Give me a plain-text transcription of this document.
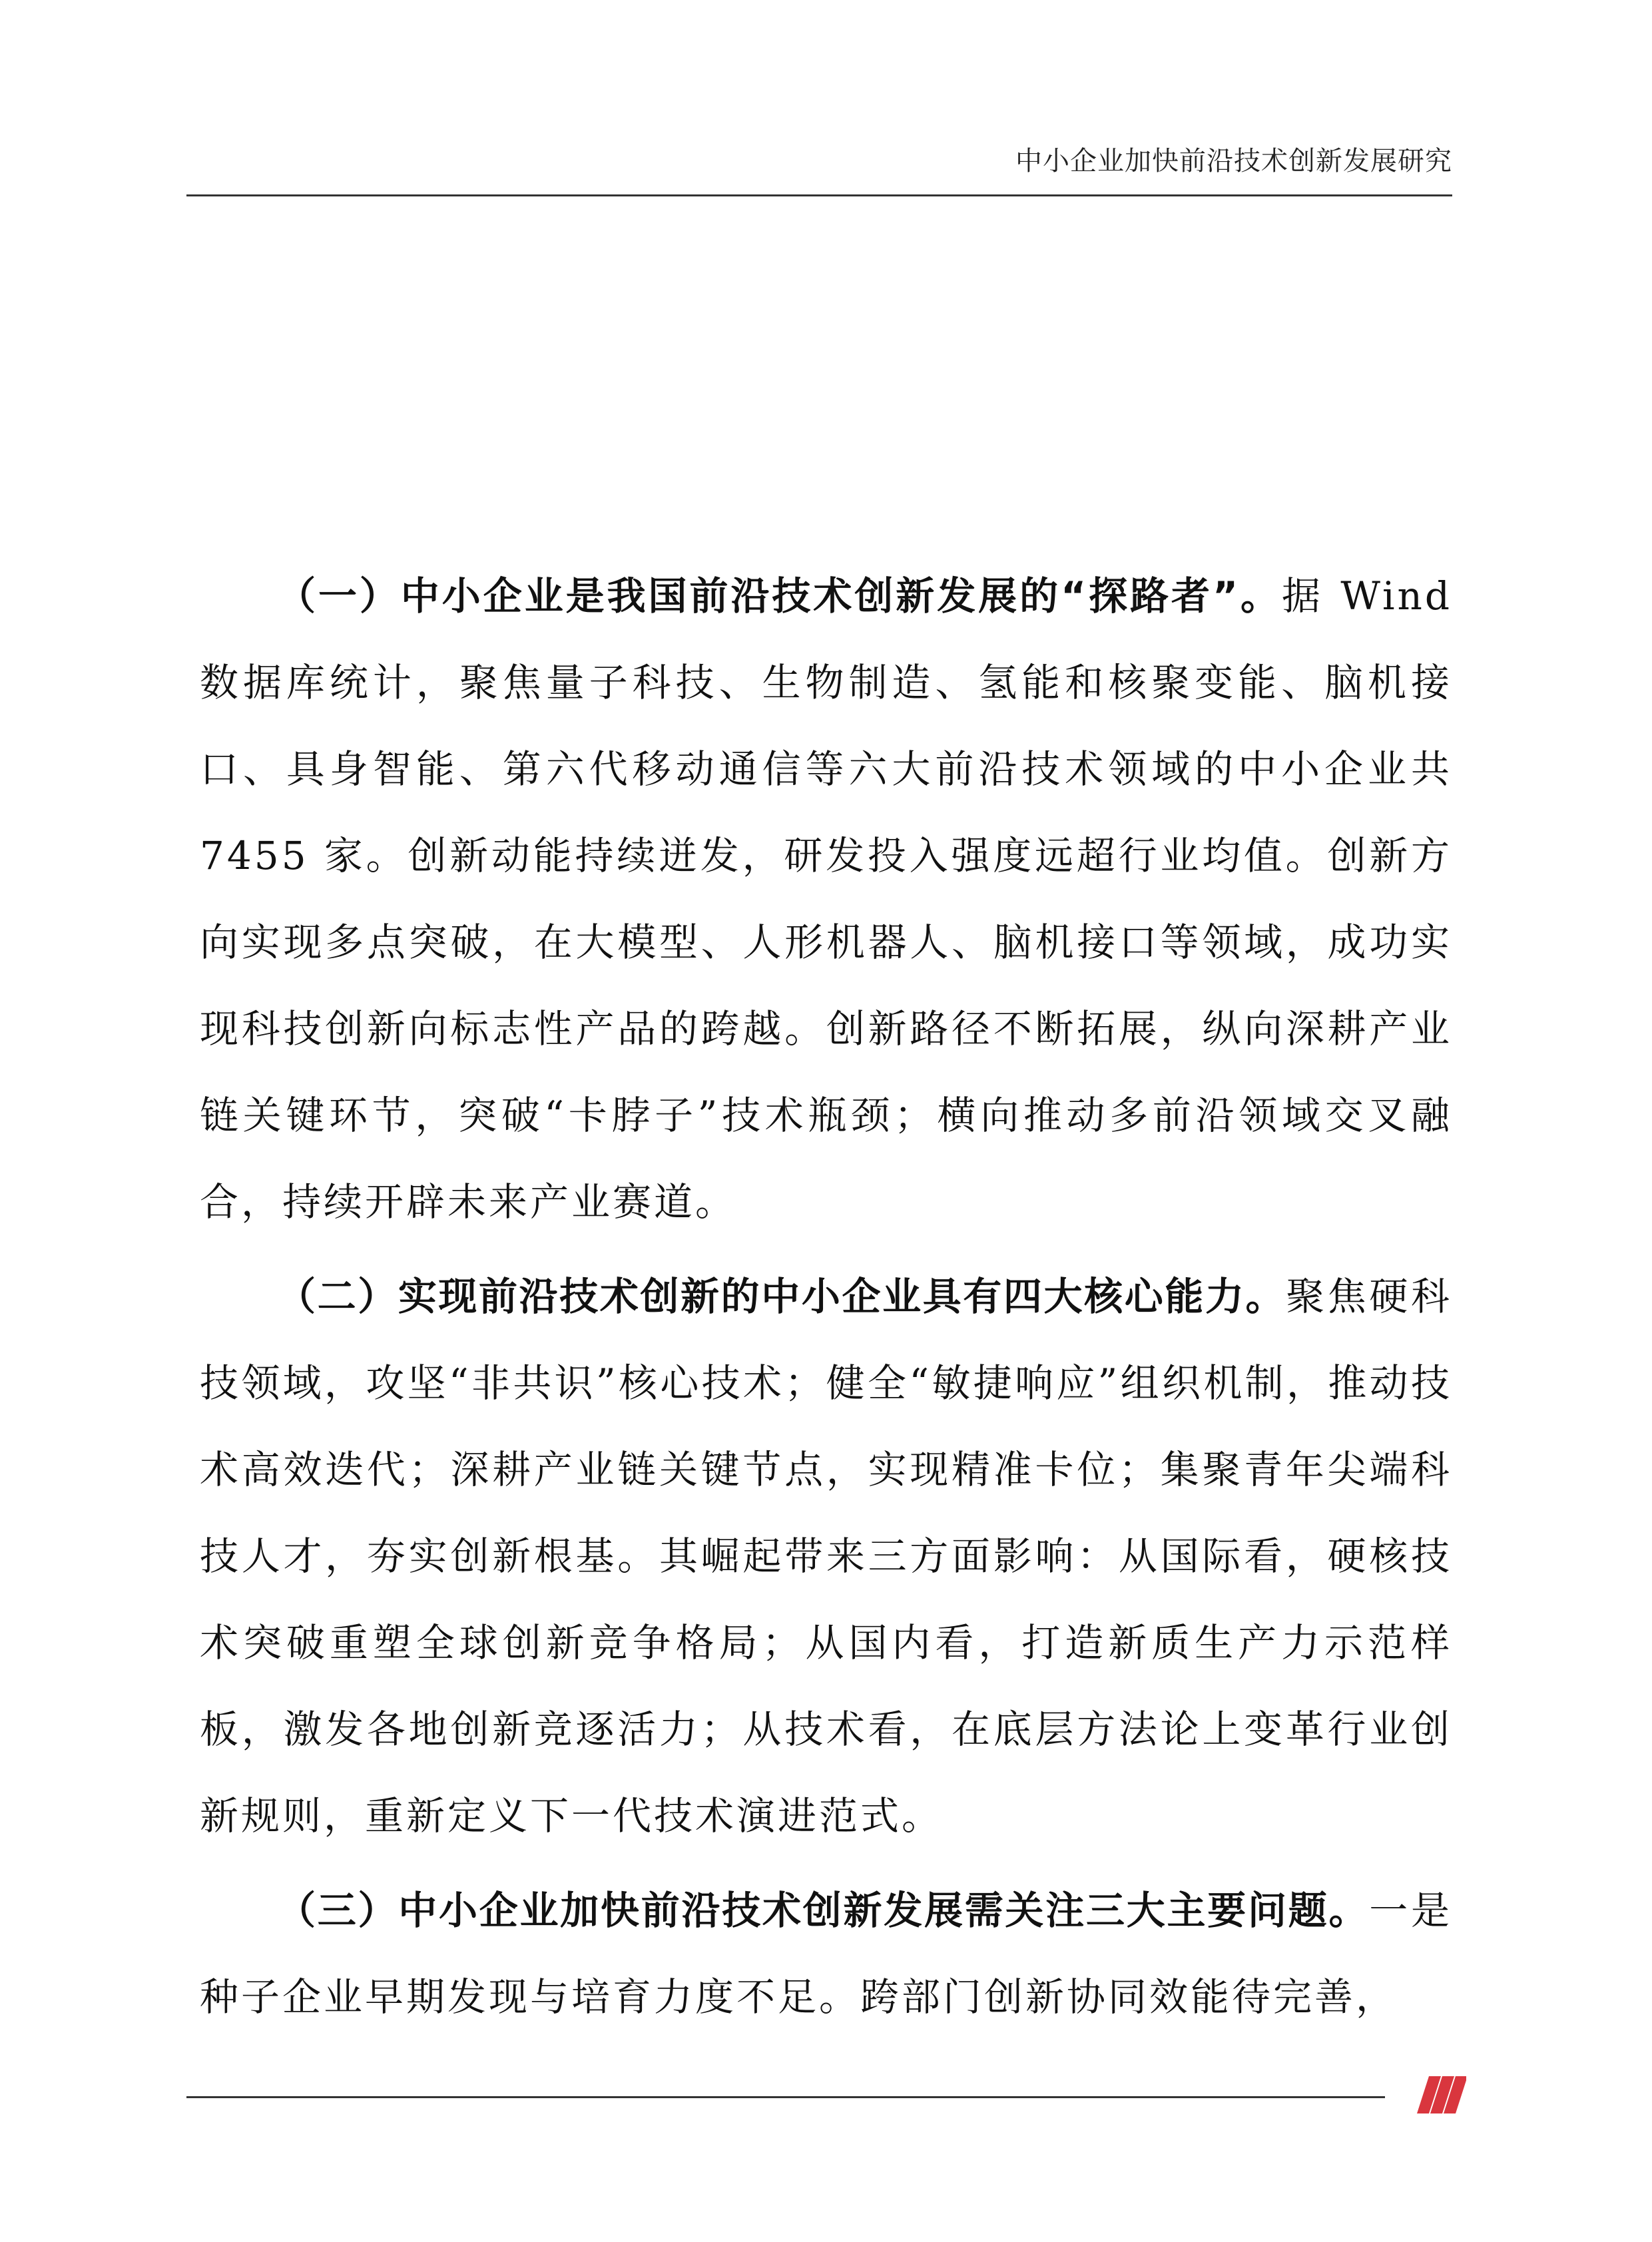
中小企业加快前沿技术创新发展研究

（一）中小企业是我国前沿技术创新发展的“探路者”。据 Wind 数据库统计，聚焦量子科技、生物制造、氢能和核聚变能、脑机接口、具身智能、第六代移动通信等六大前沿技术领域的中小企业共 7455 家。创新动能持续迸发，研发投入强度远超行业均值。创新方向实现多点突破，在大模型、人形机器人、脑机接口等领域，成功实现科技创新向标志性产品的跨越。创新路径不断拓展，纵向深耕产业链关键环节，突破“卡脖子”技术瓶颈；横向推动多前沿领域交叉融合，持续开辟未来产业赛道。

（二）实现前沿技术创新的中小企业具有四大核心能力。聚焦硬科技领域，攻坚“非共识”核心技术；健全“敏捷响应”组织机制，推动技术高效迭代；深耕产业链关键节点，实现精准卡位；集聚青年尖端科技人才，夯实创新根基。其崛起带来三方面影响：从国际看，硬核技术突破重塑全球创新竞争格局；从国内看，打造新质生产力示范样板，激发各地创新竞逐活力；从技术看，在底层方法论上变革行业创新规则，重新定义下一代技术演进范式。

（三）中小企业加快前沿技术创新发展需关注三大主要问题。一是种子企业早期发现与培育力度不足。跨部门创新协同效能待完善，
